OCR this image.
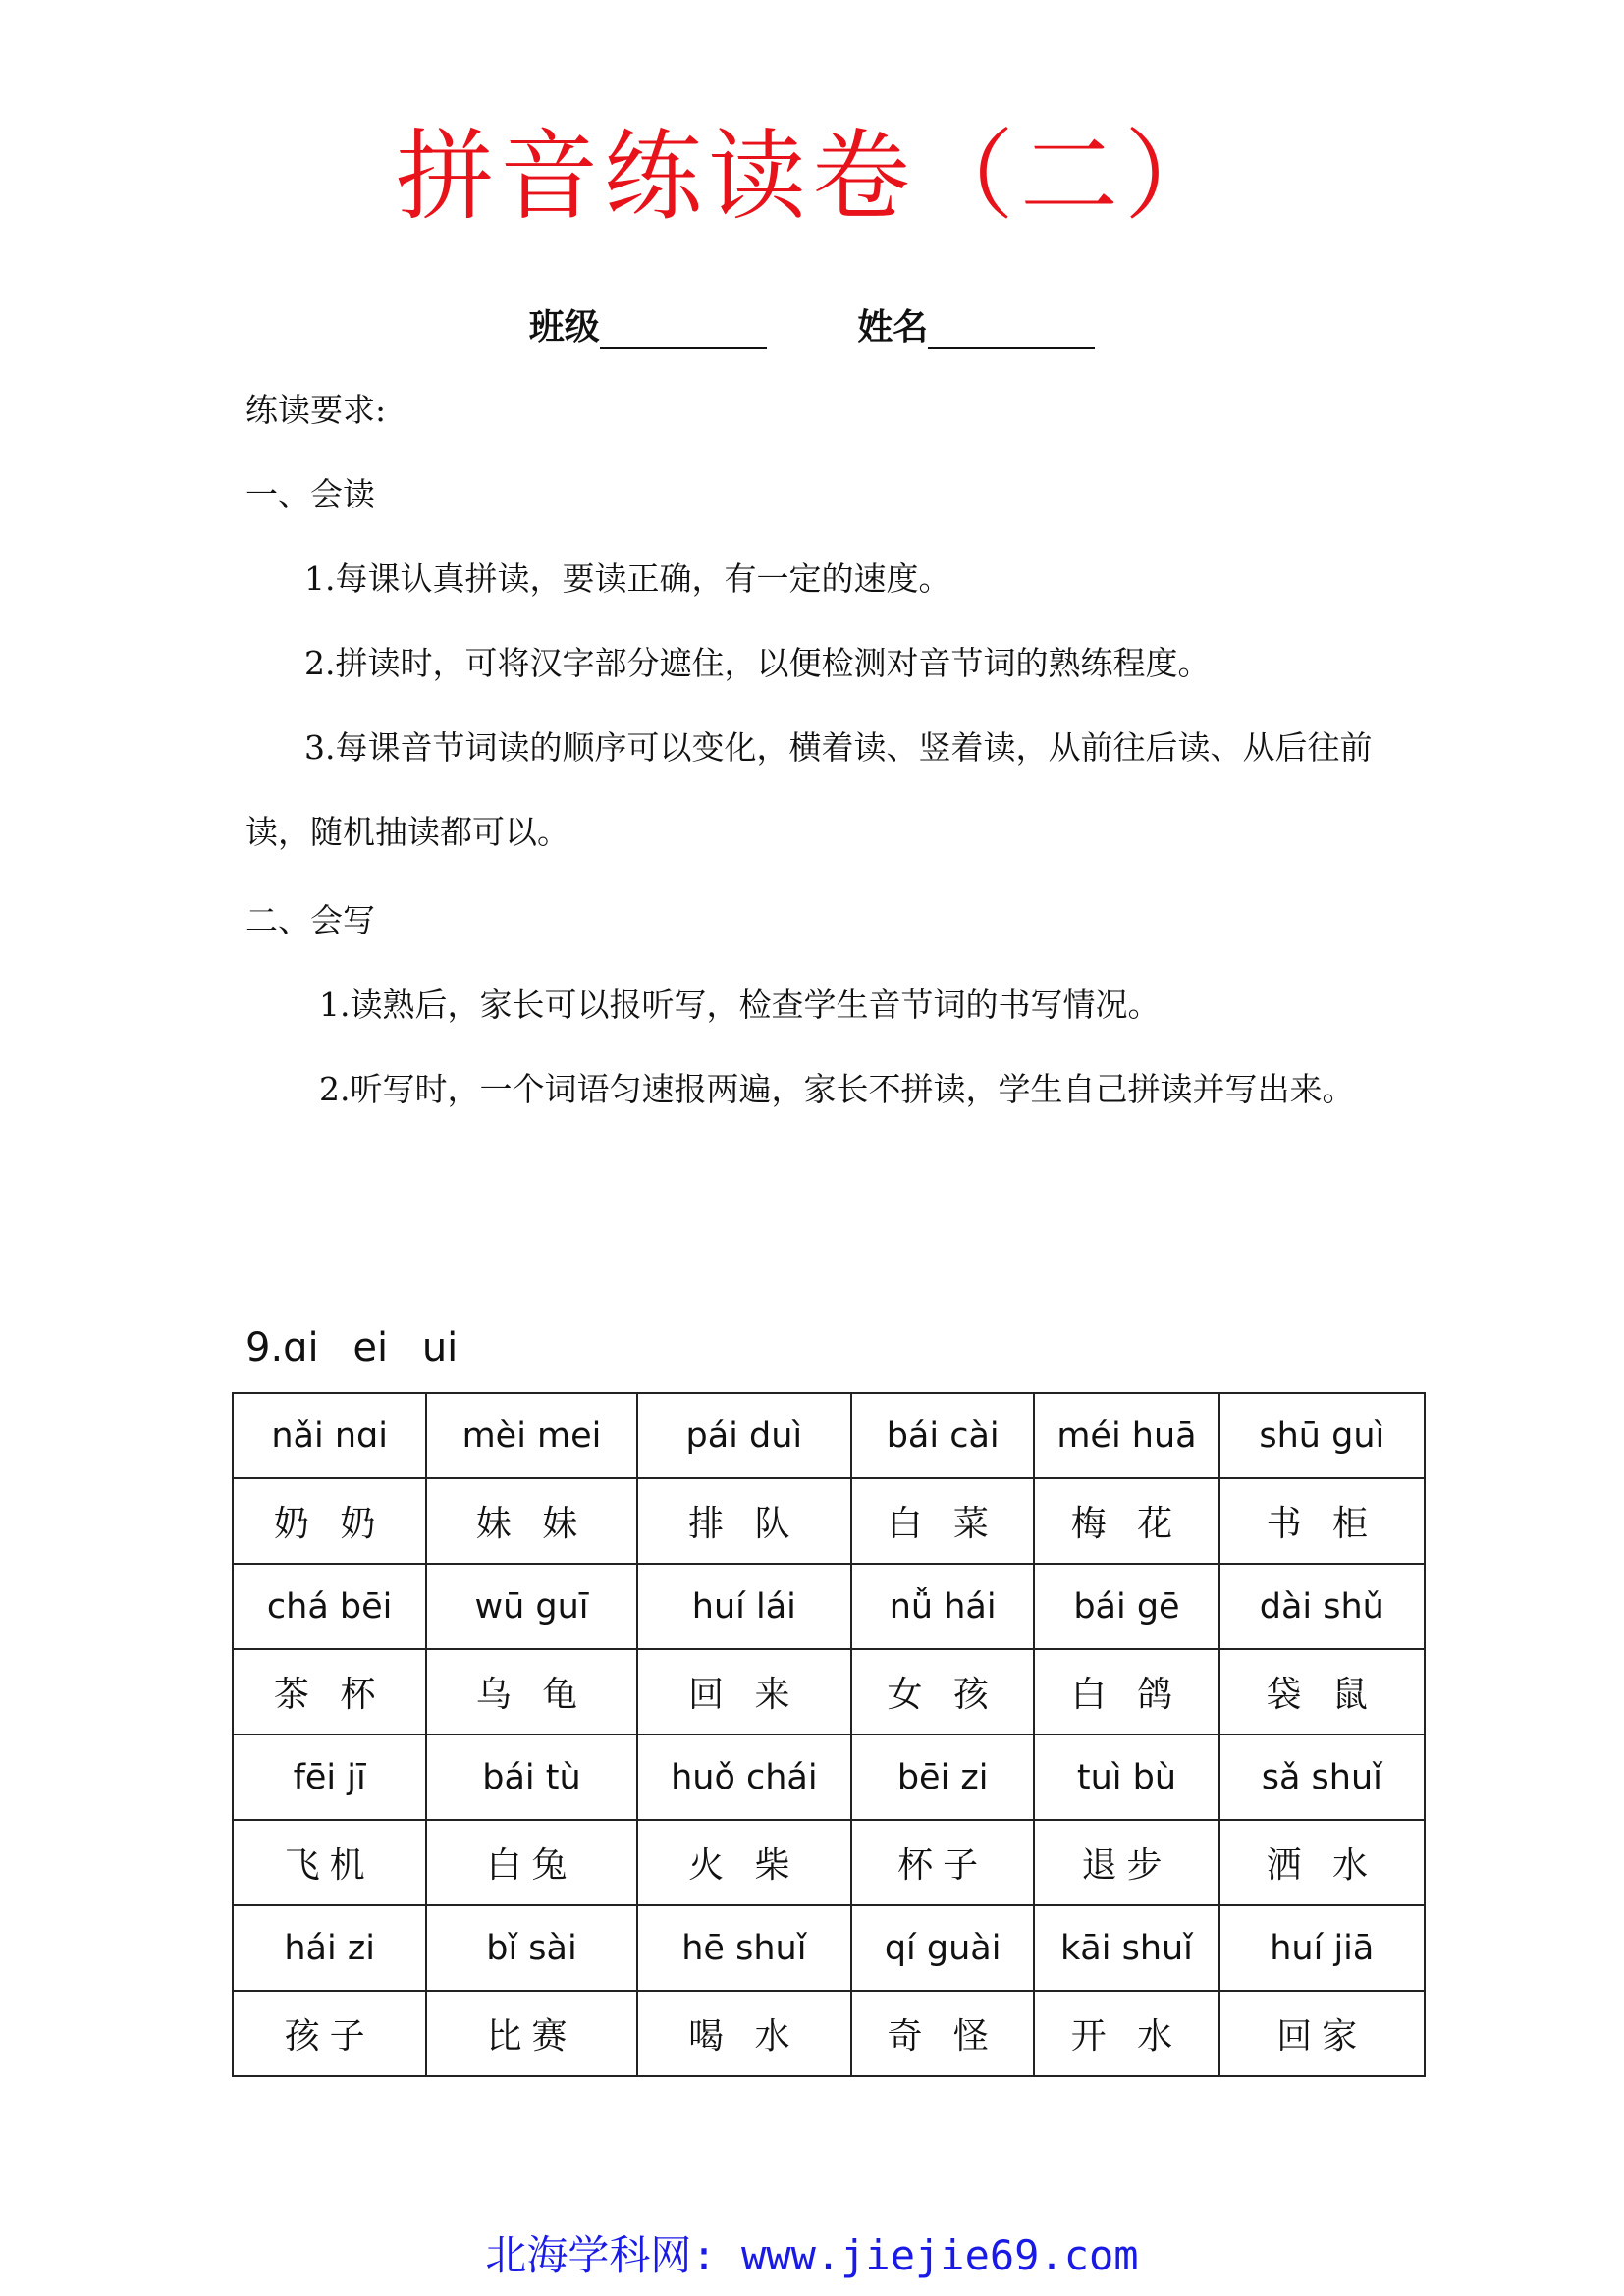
拼音练读卷（二）
班级	姓名

练读要求:

一、会读

1.每课认真拼读，要读正确，有一定的速度。

2.拼读时，可将汉字部分遮住，以便检测对音节词的熟练程度。

3.每课音节词读的顺序可以变化，横着读、竖着读，从前往后读、从后往前读，随机抽读都可以。

二、会写

1.读熟后，家长可以报听写，检查学生音节词的书写情况。

2.听写时，一个词语匀速报两遍，家长不拼读，学生自己拼读并写出来。

9.ɑi ei ui
nǎi nɑi	mèi mei	pái duì	bái cài	méi huā	shū guì
奶 奶	妹 妹	排 队	白 菜	梅 花	书 柜
chá bēi	wū guī	huí lái	nǚ hái	bái gē	dài shǔ
茶 杯	乌 龟	回 来	女 孩	白 鸽	袋 鼠
fēi jī	bái tù	huǒ chái	bēi zi	tuì bù	sǎ shuǐ
飞机	白兔	火 柴	杯子	退步	洒 水
hái zi	bǐ sài	hē shuǐ	qí guài	kāi shuǐ	huí jiā
孩子	比赛	喝 水	奇 怪	开 水	回家
北海学科网: www.jiejie69.com
